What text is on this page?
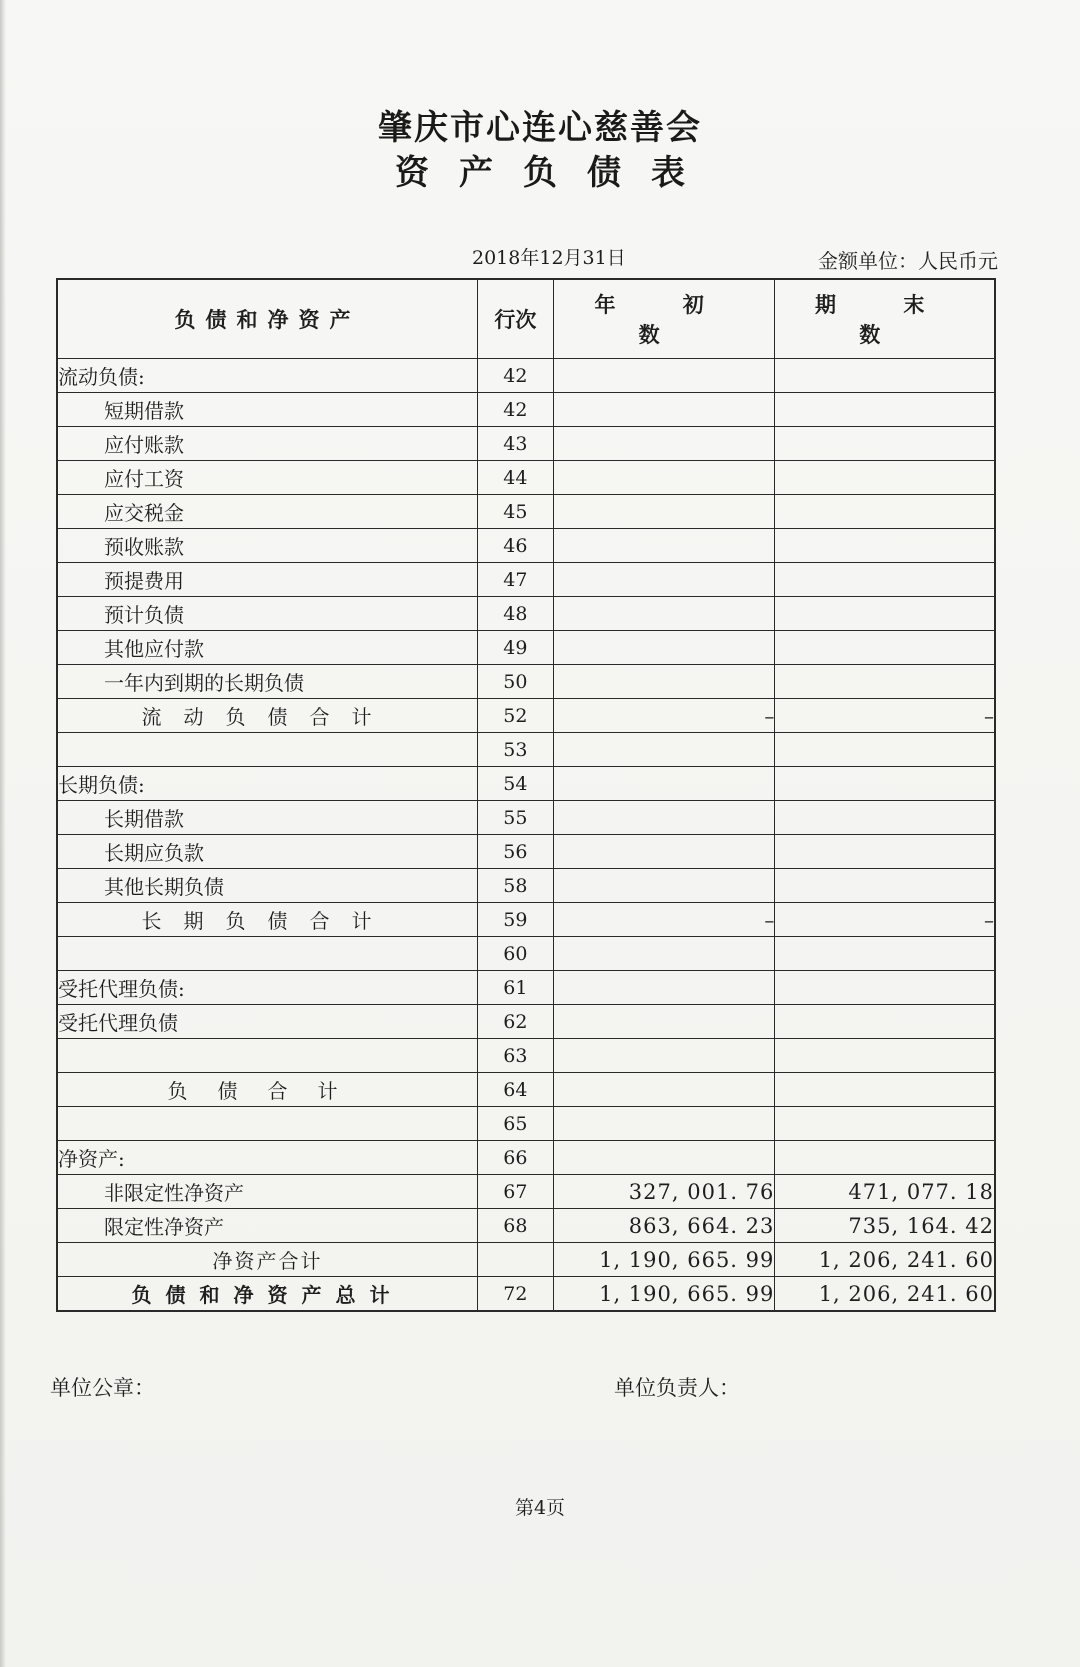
肇庆市心连心慈善会
资产负债表
2018年12月31日	金额单位：人民币元
负债和净资产	行次	年 初 数	期 末 数
流动负债:	42		
短期借款	42		
应付账款	43		
应付工资	44		
应交税金	45		
预收账款	46		
预提费用	47		
预计负债	48		
其他应付款	49		
一年内到期的长期负债	50		
流动负债合计	52	–	–
	53		
长期负债:	54		
长期借款	55		
长期应负款	56		
其他长期负债	58		
长期负债合计	59	–	–
	60		
受托代理负债:	61		
受托代理负债	62		
	63		
负债合计	64		
	65		
净资产:	66		
非限定性净资产	67	327, 001. 76	471, 077. 18
限定性净资产	68	863, 664. 23	735, 164. 42
净资产合计		1, 190, 665. 99	1, 206, 241. 60
负债和净资产总计	72	1, 190, 665. 99	1, 206, 241. 60
单位公章：	单位负责人：
第4页
